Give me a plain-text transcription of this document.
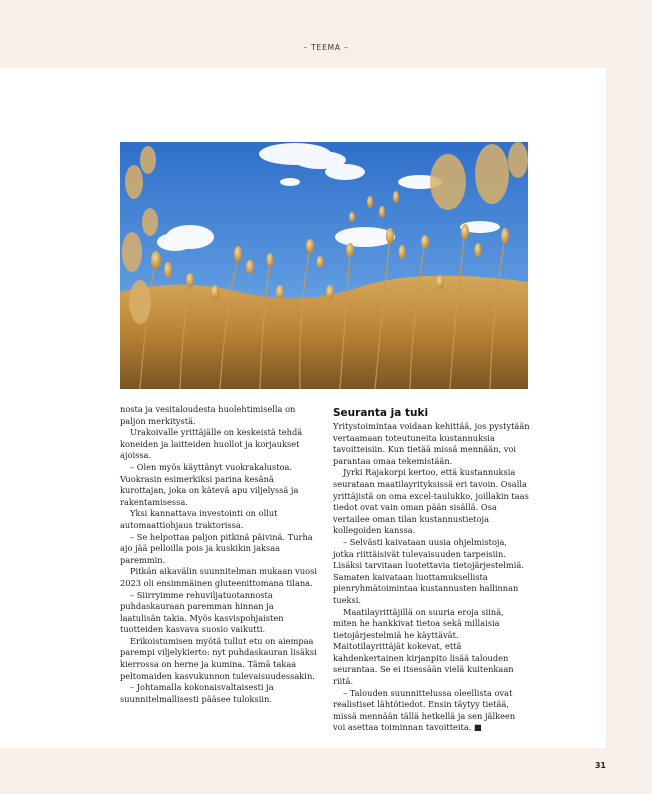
– TEEMA –

nosta ja vesitaloudesta huolehtimisella on paljon merkitystä.

Urakoivalle yrittäjälle on keskeistä tehdä koneiden ja laitteiden huollot ja korjaukset ajoissa.

– Olen myös käyttänyt vuokrakalustoa. Vuokrasin esimerkiksi parina kesänä kurottajan, joka on kätevä apu viljelyssä ja rakentamisessa.

Yksi kannattava investointi on ollut automaattiohjaus traktorissa.

– Se helpottaa paljon pitkinä päivinä. Turha ajo jää pelloilla pois ja kuskikin jaksaa paremmin.

Pitkän aikavälin suunnitelman mukaan vuosi 2023 oli ensimmäinen gluteenittomana tilana.

– Siirryimme rehuviljatuotannosta puhdaskauraan paremman hinnan ja laatulisän takia. Myös kasvispohjaisten tuotteiden kasvava suosio vaikutti.

Erikoistumisen myötä tullut etu on aiempaa parempi viljelykierto: nyt puhdaskauran lisäksi kierrossa on herne ja kumina. Tämä takaa peltomaiden kasvukunnon tulevaisuudessakin.

– Johtamalla kokonaisvaltaisesti ja suunnitelmallisesti pääsee tuloksiin.

Seuranta ja tuki

Yritystoimintaa voidaan kehittää, jos pystytään vertaamaan toteutuneita kustannuksia tavoitteisiin. Kun tietää missä mennään, voi parantaa omaa tekemistään.

Jyrki Rajakorpi kertoo, että kustannuksia seurataan maatilayrityksissä eri tavoin. Osalla yrittäjistä on oma excel-taulukko, joillakin taas tiedot ovat vain oman pään sisällä. Osa vertailee oman tilan kustannustietoja kollegoiden kanssa.

– Selvästi kaivataan uusia ohjelmistoja, jotka riittäisivät tulevaisuuden tarpeisiin. Lisäksi tarvitaan luotettavia tietojärjestelmiä. Samaten kaivataan luottamuksellista pienryhmätoimintaa kustannusten hallinnan tueksi.

Maatilayrittäjillä on suuria eroja siinä, miten he hankkivat tietoa sekä millaisia tietojärjestelmiä he käyttävät. Maitotilayrittäjät kokevat, että kahdenkertainen kirjanpito lisää talouden seurantaa. Se ei itsessään vielä kuitenkaan riitä.

– Talouden suunnittelussa oleellista ovat realistiset lähtötiedot. Ensin täytyy tietää, missä mennään tällä hetkellä ja sen jälkeen voi asettaa toiminnan tavoitteita. ■

31
